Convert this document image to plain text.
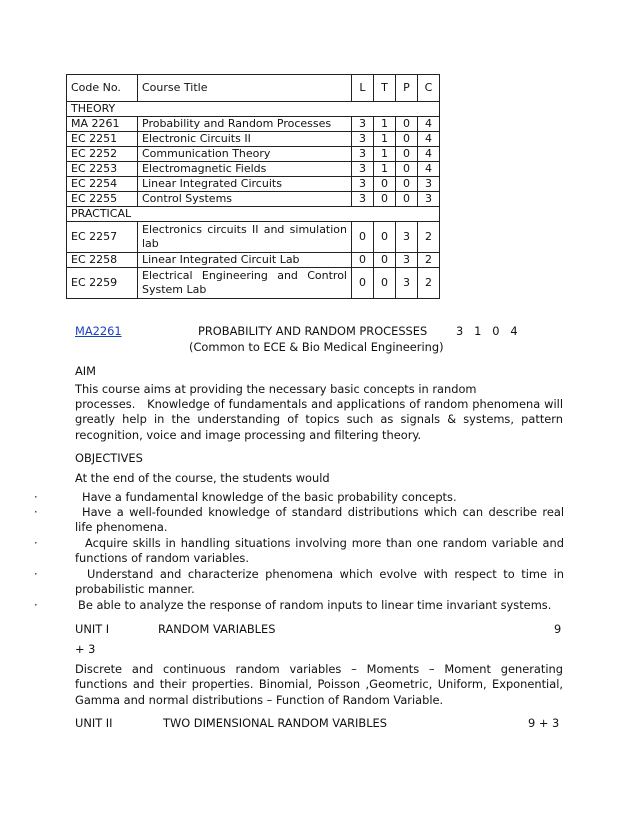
Code No.	Course Title	L	T	P	C
THEORY					
MA 2261	Probability and Random Processes	3	1	0	4
EC 2251	Electronic Circuits II	3	1	0	4
EC 2252	Communication Theory	3	1	0	4
EC 2253	Electromagnetic Fields	3	1	0	4
EC 2254	Linear Integrated Circuits	3	0	0	3
EC 2255	Control Systems	3	0	0	3
PRACTICAL					
EC 2257	Electronics circuits II and simulation lab	0	0	3	2
EC 2258	Linear Integrated Circuit Lab	0	0	3	2
EC 2259	Electrical Engineering and Control System Lab	0	0	3	2
MA2261	PROBABILITY AND RANDOM PROCESSES	3   1   0   4
(Common to ECE & Bio Medical Engineering)
AIM
This course aims at providing the necessary basic concepts in random
processes.   Knowledge of fundamentals and applications of random phenomena will greatly help in the understanding of topics such as signals & systems, pattern recognition, voice and image processing and filtering theory.
OBJECTIVES
At the end of the course, the students would
·	Have a fundamental knowledge of the basic probability concepts.
·	Have a well-founded knowledge of standard distributions which can describe real   life phenomena.
·	Acquire skills in handling situations involving more than one random variable and functions of random variables.
·	Understand and characterize phenomena which evolve with respect to time in probabilistic manner.
·	Be able to analyze the response of random inputs to linear time invariant systems.
UNIT I	RANDOM VARIABLES	9
+ 3
Discrete and continuous random variables – Moments – Moment generating functions and their properties. Binomial, Poisson ,Geometric, Uniform, Exponential, Gamma and normal distributions – Function of Random Variable.
UNIT II	TWO DIMENSIONAL RANDOM VARIBLES	9 + 3
